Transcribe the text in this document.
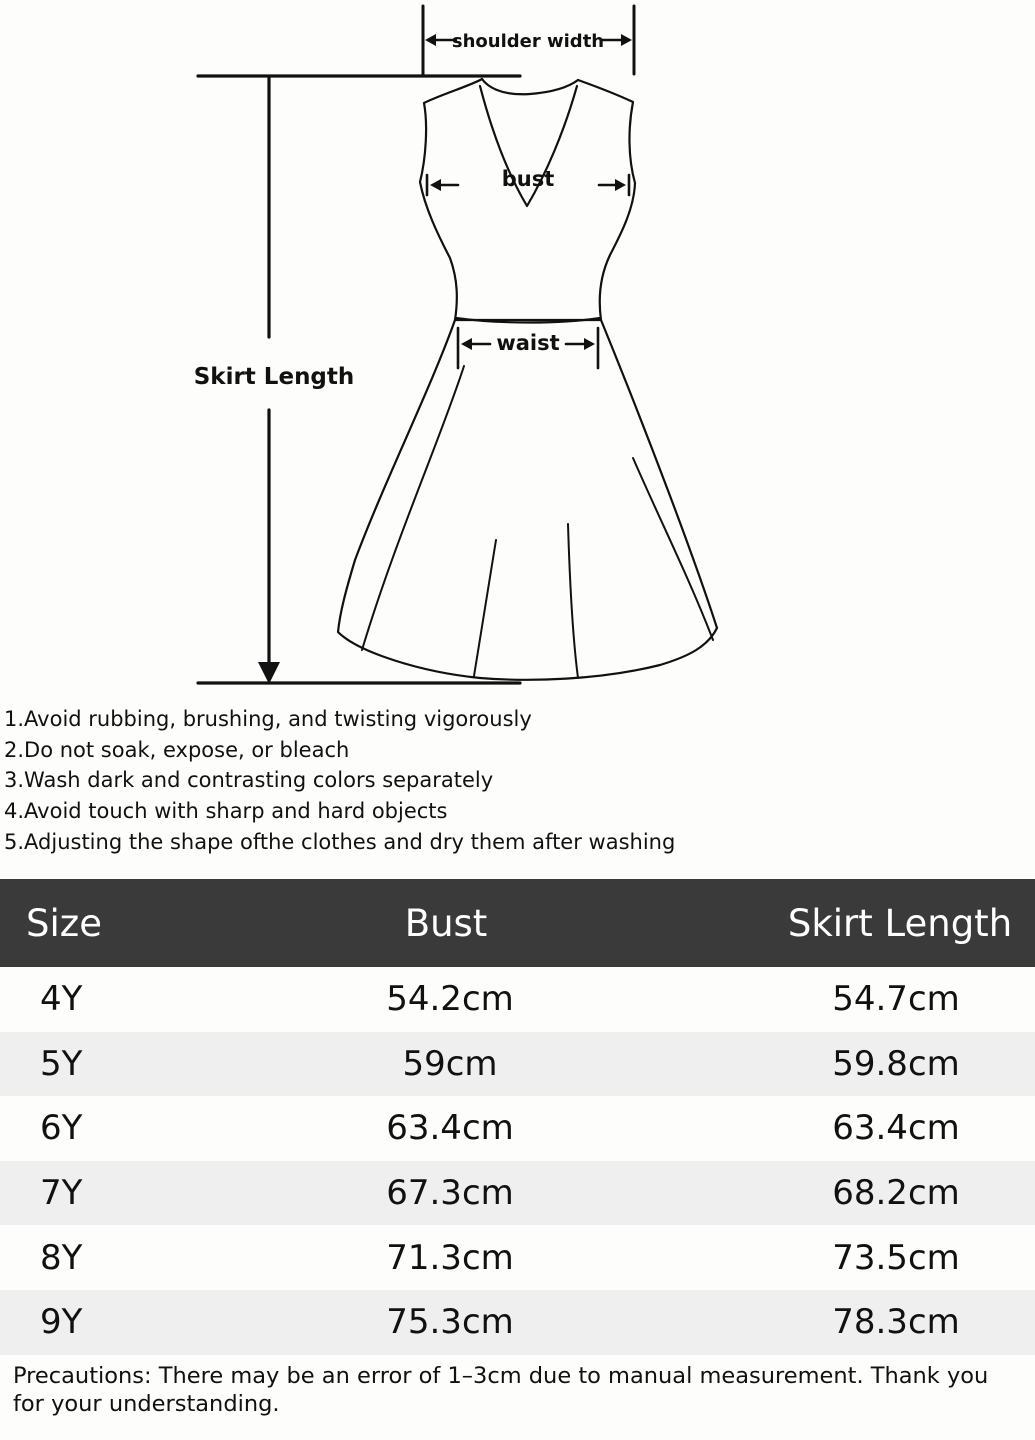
shoulder width
bust
waist
Skirt Length
1.Avoid rubbing, brushing, and twisting vigorously
2.Do not soak, expose, or bleach
3.Wash dark and contrasting colors separately
4.Avoid touch with sharp and hard objects
5.Adjusting the shape ofthe clothes and dry them after washing
Size	Bust	Skirt Length
4Y	54.2cm	54.7cm
5Y	59cm	59.8cm
6Y	63.4cm	63.4cm
7Y	67.3cm	68.2cm
8Y	71.3cm	73.5cm
9Y	75.3cm	78.3cm

Precautions: There may be an error of 1–3cm due to manual measurement. Thank you for your understanding.
